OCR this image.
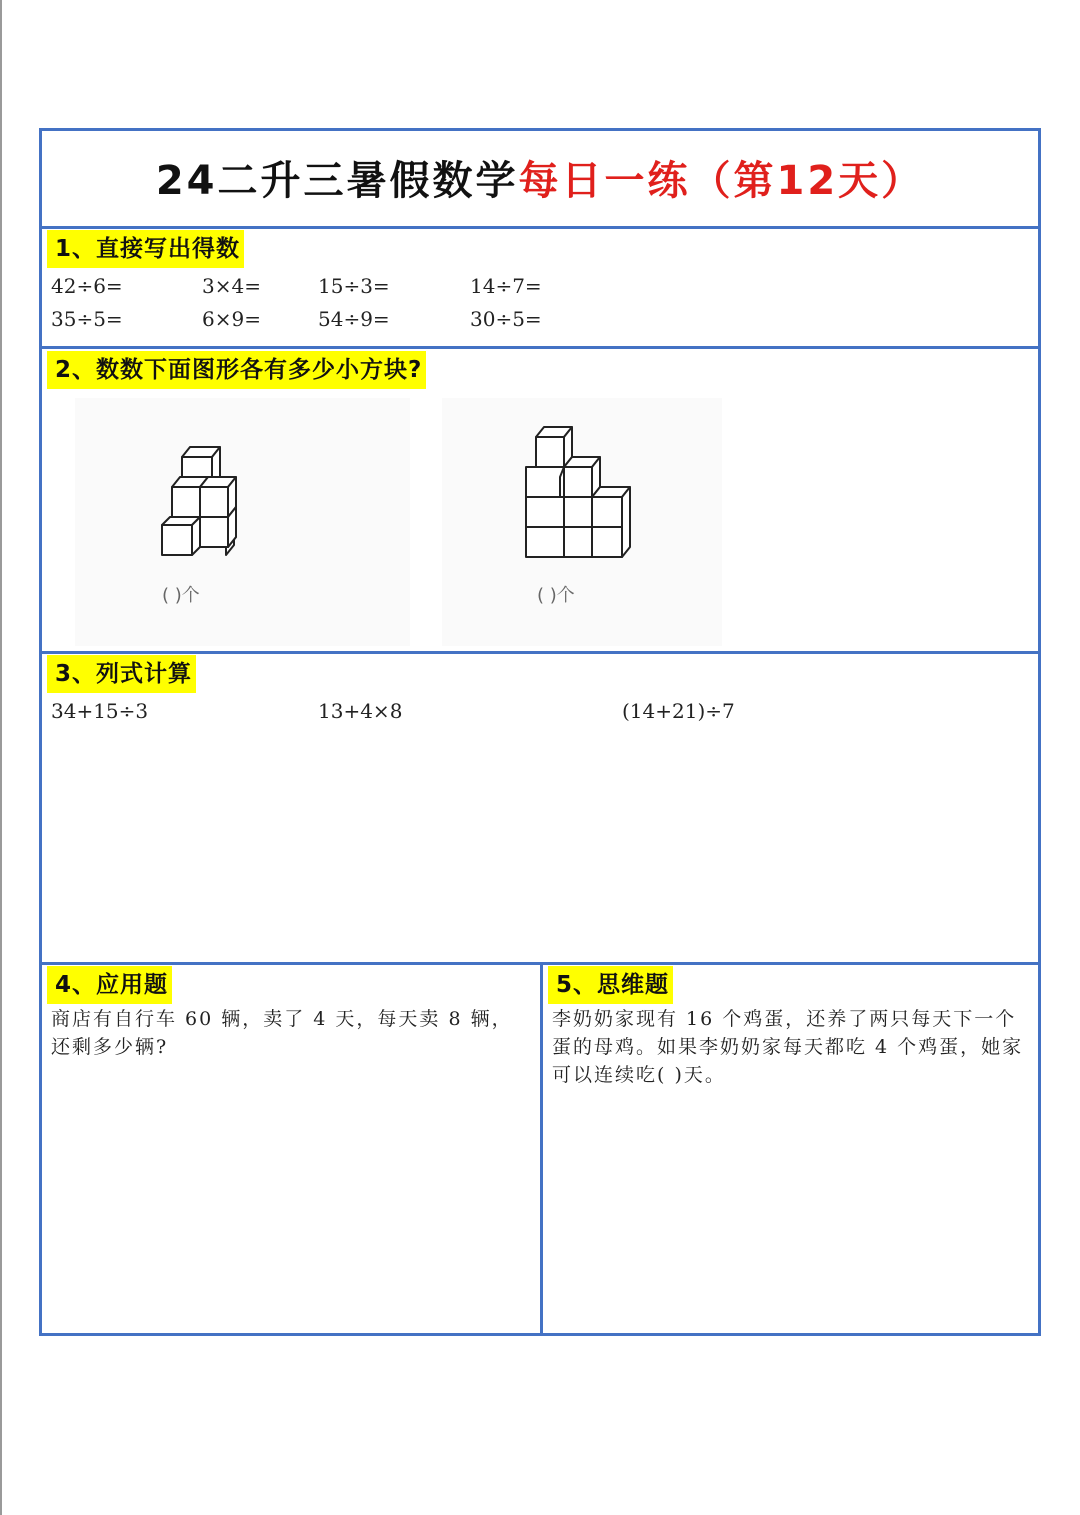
24二升三暑假数学每日一练（第12天）
1、直接写出得数
42÷6=	3×4=	15÷3=	14÷7=
35÷5=	6×9=	54÷9=	30÷5=
2、数数下面图形各有多少小方块?
( )个	( )个
3、列式计算
34+15÷3	13+4×8	(14+21)÷7
4、应用题
商店有自行车 60 辆，卖了 4 天，每天卖 8 辆，还剩多少辆?
5、思维题
李奶奶家现有 16 个鸡蛋，还养了两只每天下一个蛋的母鸡。如果李奶奶家每天都吃 4 个鸡蛋，她家可以连续吃( )天。
